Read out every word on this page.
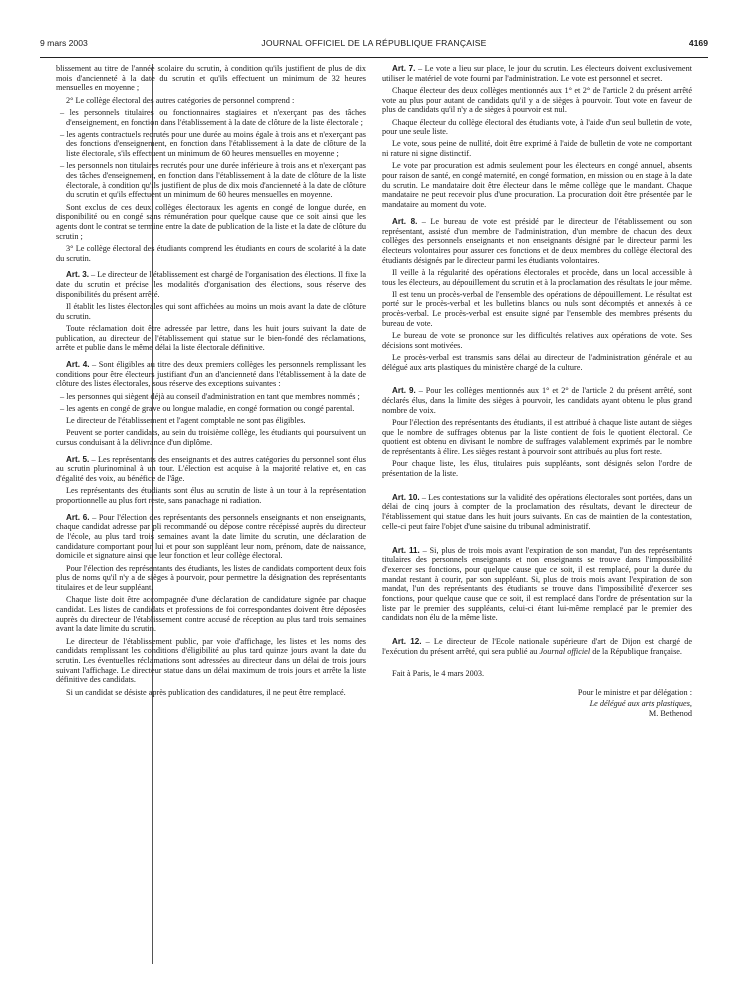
9 mars 2003	JOURNAL OFFICIEL DE LA RÉPUBLIQUE FRANÇAISE	4169

blissement au titre de l'année scolaire du scrutin, à condition qu'ils justifient de plus de dix mois d'ancienneté à la date du scrutin et qu'ils effectuent un minimum de 32 heures mensuelles en moyenne ;

2° Le collège électoral des autres catégories de personnel comprend :

– les personnels titulaires ou fonctionnaires stagiaires et n'exerçant pas des tâches d'enseignement, en fonction dans l'établissement à la date de clôture de la liste électorale ;

– les agents contractuels recrutés pour une durée au moins égale à trois ans et n'exerçant pas des fonctions d'enseignement, en fonction dans l'établissement à la date de clôture de la liste électorale, s'ils effectuent un minimum de 60 heures mensuelles en moyenne ;

– les personnels non titulaires recrutés pour une durée inférieure à trois ans et n'exerçant pas des tâches d'enseignement, en fonction dans l'établissement à la date de clôture de la liste électorale, à condition qu'ils justifient de plus de dix mois d'ancienneté à la date de clôture du scrutin et qu'ils effectuent un minimum de 60 heures mensuelles en moyenne.

Sont exclus de ces deux collèges électoraux les agents en congé de longue durée, en disponibilité ou en congé sans rémunération pour quelque cause que ce soit ainsi que les agents dont le contrat se termine entre la date de publication de la liste et la date de clôture du scrutin ;

3° Le collège électoral des étudiants comprend les étudiants en cours de scolarité à la date du scrutin.

Art. 3. – Le directeur de l'établissement est chargé de l'organisation des élections. Il fixe la date du scrutin et précise les modalités d'organisation des élections, sous réserve des disponibilités du présent arrêté.

Il établit les listes électorales qui sont affichées au moins un mois avant la date de clôture du scrutin.

Toute réclamation doit être adressée par lettre, dans les huit jours suivant la date de publication, au directeur de l'établissement qui statue sur le bien-fondé des réclamations, arrête et publie dans le même délai la liste électorale définitive.

Art. 4. – Sont éligibles au titre des deux premiers collèges les personnels remplissant les conditions pour être électeurs justifiant d'un an d'ancienneté dans l'établissement à la date de clôture des listes électorales, sous réserve des exceptions suivantes :

– les personnes qui siègent déjà au conseil d'administration en tant que membres nommés ;

– les agents en congé de grave ou longue maladie, en congé formation ou congé parental.

Le directeur de l'établissement et l'agent comptable ne sont pas éligibles.

Peuvent se porter candidats, au sein du troisième collège, les étudiants qui poursuivent un cursus conduisant à la délivrance d'un diplôme.

Art. 5. – Les représentants des enseignants et des autres catégories du personnel sont élus au scrutin plurinominal à un tour. L'élection est acquise à la majorité relative et, en cas d'égalité des voix, au bénéfice de l'âge.

Les représentants des étudiants sont élus au scrutin de liste à un tour à la représentation proportionnelle au plus fort reste, sans panachage ni radiation.

Art. 6. – Pour l'élection des représentants des personnels enseignants et non enseignants, chaque candidat adresse par pli recommandé ou dépose contre récépissé auprès du directeur de l'école, au plus tard trois semaines avant la date limite du scrutin, une déclaration de candidature comportant pour lui et pour son suppléant leur nom, prénom, date de naissance, domicile et signature ainsi que leur fonction et leur collège électoral.

Pour l'élection des représentants des étudiants, les listes de candidats comportent deux fois plus de noms qu'il n'y a de sièges à pourvoir, pour permettre la désignation des représentants titulaires et de leur suppléant.

Chaque liste doit être accompagnée d'une déclaration de candidature signée par chaque candidat. Les listes de candidats et professions de foi correspondantes doivent être déposées auprès du directeur de l'établissement contre accusé de réception au plus tard trois semaines avant la date limite du scrutin.

Le directeur de l'établissement public, par voie d'affichage, les listes et les noms des candidats remplissant les conditions d'éligibilité au plus tard quinze jours avant la date du scrutin. Les éventuelles réclamations sont adressées au directeur dans un délai de trois jours suivant l'affichage. Le directeur statue dans un délai maximum de trois jours et arrête la liste définitive des candidats.

Si un candidat se désiste après publication des candidatures, il ne peut être remplacé.

Art. 7. – Le vote a lieu sur place, le jour du scrutin. Les électeurs doivent exclusivement utiliser le matériel de vote fourni par l'administration. Le vote est personnel et secret.

Chaque électeur des deux collèges mentionnés aux 1° et 2° de l'article 2 du présent arrêté vote au plus pour autant de candidats qu'il y a de sièges à pourvoir. Tout vote en faveur de plus de candidats qu'il n'y a de sièges à pourvoir est nul.

Chaque électeur du collège électoral des étudiants vote, à l'aide d'un seul bulletin de vote, pour une seule liste.

Le vote, sous peine de nullité, doit être exprimé à l'aide de bulletin de vote ne comportant ni rature ni signe distinctif.

Le vote par procuration est admis seulement pour les électeurs en congé annuel, absents pour raison de santé, en congé maternité, en congé formation, en mission ou en stage à la date du scrutin. Le mandataire doit être électeur dans le même collège que le mandant. Chaque mandataire ne peut recevoir plus d'une procuration. La procuration doit être présentée par le mandataire au moment du vote.

Art. 8. – Le bureau de vote est présidé par le directeur de l'établissement ou son représentant, assisté d'un membre de l'administration, d'un membre de chacun des deux collèges des personnels enseignants et non enseignants désigné par le directeur parmi les électeurs volontaires pour assurer ces fonctions et de deux membres du collège électoral des étudiants désignés par le directeur parmi les étudiants volontaires.

Il veille à la régularité des opérations électorales et procède, dans un local accessible à tous les électeurs, au dépouillement du scrutin et à la proclamation des résultats le jour même.

Il est tenu un procès-verbal de l'ensemble des opérations de dépouillement. Le résultat est porté sur le procès-verbal et les bulletins blancs ou nuls sont décomptés et annexés à ce procès-verbal. Le procès-verbal est ensuite signé par l'ensemble des membres présents du bureau de vote.

Le bureau de vote se prononce sur les difficultés relatives aux opérations de vote. Ses décisions sont motivées.

Le procès-verbal est transmis sans délai au directeur de l'administration générale et au délégué aux arts plastiques du ministère chargé de la culture.

Art. 9. – Pour les collèges mentionnés aux 1° et 2° de l'article 2 du présent arrêté, sont déclarés élus, dans la limite des sièges à pourvoir, les candidats ayant obtenu le plus grand nombre de voix.

Pour l'élection des représentants des étudiants, il est attribué à chaque liste autant de sièges que le nombre de suffrages obtenus par la liste contient de fois le quotient électoral. Ce quotient est obtenu en divisant le nombre de suffrages valablement exprimés par le nombre de représentants à élire. Les sièges restant à pourvoir sont attribués au plus fort reste.

Pour chaque liste, les élus, titulaires puis suppléants, sont désignés selon l'ordre de présentation de la liste.

Art. 10. – Les contestations sur la validité des opérations électorales sont portées, dans un délai de cinq jours à compter de la proclamation des résultats, devant le directeur de l'établissement qui statue dans les huit jours suivants. En cas de maintien de la contestation, celle-ci peut faire l'objet d'une saisine du tribunal administratif.

Art. 11. – Si, plus de trois mois avant l'expiration de son mandat, l'un des représentants titulaires des personnels enseignants et non enseignants se trouve dans l'impossibilité d'exercer ses fonctions, pour quelque cause que ce soit, il est remplacé, pour la durée du mandat restant à courir, par son suppléant. Si, plus de trois mois avant l'expiration de son mandat, l'un des représentants des étudiants se trouve dans l'impossibilité d'exercer ses fonctions, pour quelque cause que ce soit, il est remplacé dans l'ordre de présentation sur la liste par le premier des suppléants, celui-ci étant lui-même remplacé par le premier des candidats non élu de la même liste.

Art. 12. – Le directeur de l'Ecole nationale supérieure d'art de Dijon est chargé de l'exécution du présent arrêté, qui sera publié au Journal officiel de la République française.

Fait à Paris, le 4 mars 2003.

Pour le ministre et par délégation :
Le délégué aux arts plastiques,
M. Bethenod
